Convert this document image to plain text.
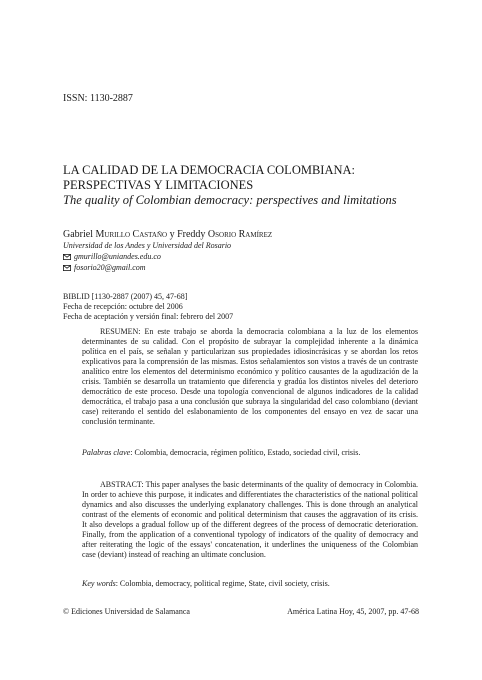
ISSN: 1130-2887
LA CALIDAD DE LA DEMOCRACIA COLOMBIANA:
PERSPECTIVAS Y LIMITACIONES
The quality of Colombian democracy: perspectives and limitations
Gabriel Murillo Castaño y Freddy Osorio Ramírez
Universidad de los Andes y Universidad del Rosario
gmurillo@uniandes.edu.co
fosorio20@gmail.com
BIBLID [1130-2887 (2007) 45, 47-68]
Fecha de recepción: octubre del 2006
Fecha de aceptación y versión final: febrero del 2007

RESUMEN: En este trabajo se aborda la democracia colombiana a la luz de los elementos determinantes de su calidad. Con el propósito de subrayar la complejidad inherente a la dinámica política en el país, se señalan y particularizan sus propiedades idiosincrásicas y se abordan los retos explicativos para la comprensión de las mismas. Estos señalamientos son vistos a través de un contraste analítico entre los elementos del determinismo económico y político causantes de la agudización de la crisis. También se desarrolla un tratamiento que diferencia y gradúa los distintos niveles del deterioro democrático de este proceso. Desde una topología convencional de algunos indicadores de la calidad democrática, el trabajo pasa a una conclusión que subraya la singularidad del caso colombiano (deviant case) reiterando el sentido del eslabonamiento de los componentes del ensayo en vez de sacar una conclusión terminante.

Palabras clave: Colombia, democracia, régimen político, Estado, sociedad civil, crisis.

ABSTRACT: This paper analyses the basic determinants of the quality of democracy in Colombia. In order to achieve this purpose, it indicates and differentiates the characteristics of the national political dynamics and also discusses the underlying explanatory challenges. This is done through an analytical contrast of the elements of economic and political determinism that causes the aggravation of its crisis. It also develops a gradual follow up of the different degrees of the process of democratic deterioration. Finally, from the application of a conventional typology of indicators of the quality of democracy and after reiterating the logic of the essays' concatenation, it underlines the uniqueness of the Colombian case (deviant) instead of reaching an ultimate conclusion.

Key words: Colombia, democracy, political regime, State, civil society, crisis.

© Ediciones Universidad de Salamanca	América Latina Hoy, 45, 2007, pp. 47-68
